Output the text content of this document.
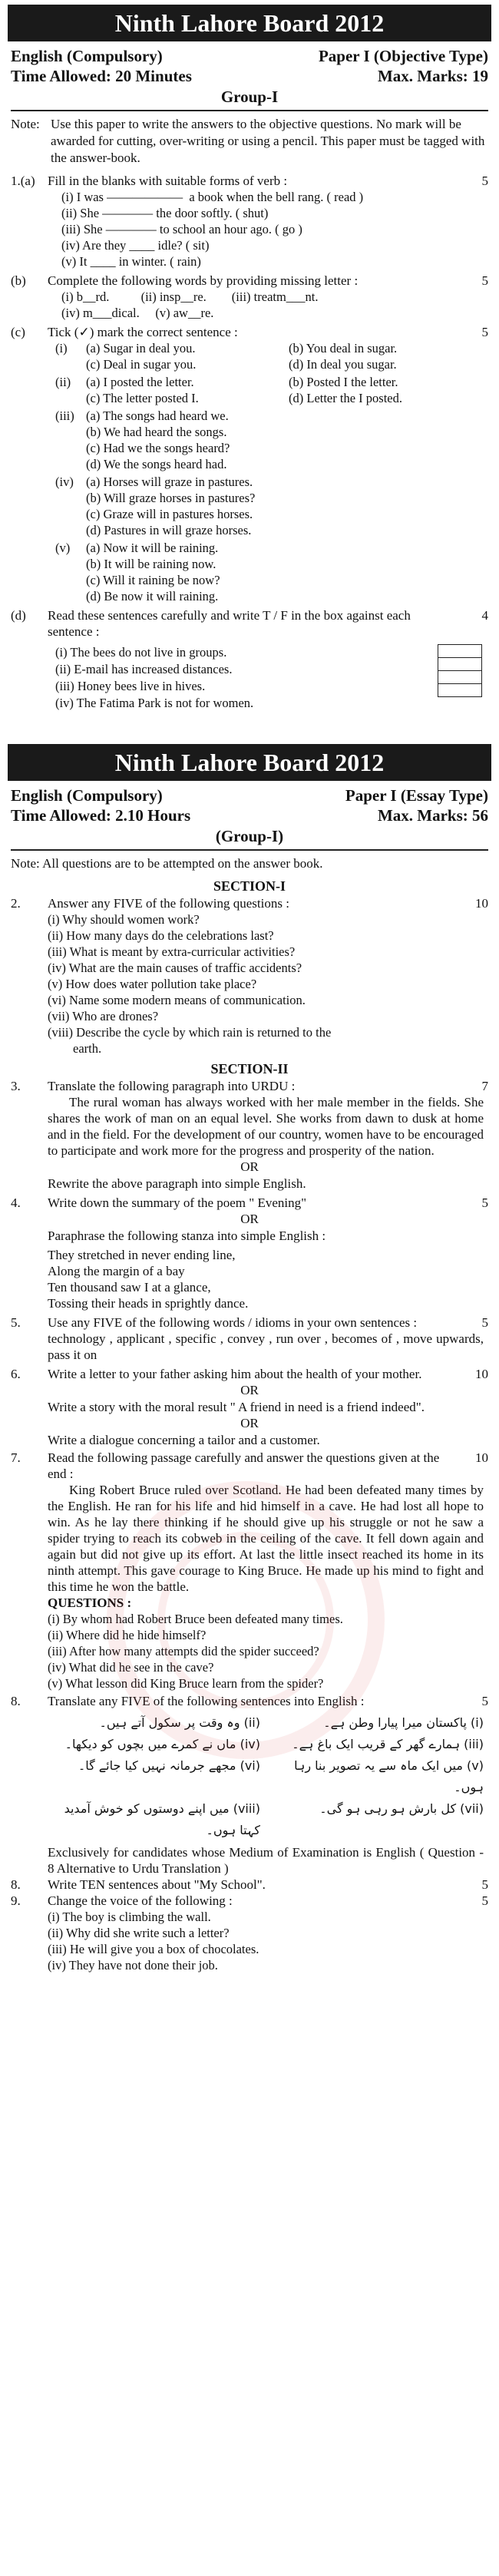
Ninth Lahore Board 2012
English (Compulsory)	Paper I (Objective Type)
Time Allowed: 20 Minutes	Max. Marks: 19
Group-I
Note: Use this paper to write the answers to the objective questions. No mark will be awarded for cutting, over-writing or using a pencil. This paper must be tagged with the answer-book.
1.(a) Fill in the blanks with suitable forms of verb :	5
(i) I was ——————  a book when the bell rang. ( read )
(ii) She ———— the door softly. ( shut)
(iii) She ———— to school an hour ago. ( go )
(iv) Are they ____ idle? ( sit)
(v) It ____ in winter. ( rain)
(b)	Complete the following words by providing missing letter :	5
(i) b__rd.          (ii) insp__re.        (iii) treatm___nt.
(iv) m___dical.     (v) aw__re.
(c)	Tick (✓) mark the correct sentence :	5
(i)	(a) Sugar in deal you.	(b) You deal in sugar.
(c) Deal in sugar you.	(d) In deal you sugar.
(ii)	(a) I posted the letter.	(b) Posted I the letter.
(c) The letter posted I.	(d) Letter the I posted.
(iii) (a) The songs had heard we.
(b) We had heard the songs.
(c) Had we the songs heard?
(d) We the songs heard had.
(iv) (a) Horses will graze in pastures.
(b) Will graze horses in pastures?
(c) Graze will in pastures horses.
(d) Pastures in will graze horses.
(v)	(a) Now it will be raining.
(b) It will be raining now.
(c) Will it raining be now?
(d) Be now it will raining.
(d)	Read these sentences carefully and write T / F in the box against each sentence :
4
(i) The bees do not live in groups.
(ii) E-mail has increased distances.
(iii) Honey bees live in hives.
(iv) The Fatima Park is not for women.
Ninth Lahore Board 2012
English (Compulsory)	Paper I (Essay Type)
Time Allowed: 2.10 Hours	Max. Marks: 56
(Group-I)
Note: All questions are to be attempted on the answer book.
SECTION-I
2.	Answer any FIVE of the following questions :	10
(i) Why should women work?
(ii) How many days do the celebrations last?
(iii) What is meant by extra-curricular activities?
(iv) What are the main causes of traffic accidents?
(v) How does water pollution take place?
(vi) Name some modern means of communication.
(vii) Who are drones?
(viii) Describe the cycle by which rain is returned to the
earth.
SECTION-II
3.	Translate the following paragraph into URDU :	7
The rural woman has always worked with her male member in the fields. She shares the work of man on an equal level. She works from dawn to dusk at home and in the field. For the development of our country, women have to be encouraged to participate and work more for the progress and prosperity of the nation.
OR
Rewrite the above paragraph into simple English.
4.	Write down the summary of the poem " Evening"	5
OR
Paraphrase the following stanza into simple English :
They stretched in never ending line,
Along the margin of a bay
Ten thousand saw I at a glance,
Tossing their heads in sprightly dance.
5.	Use any FIVE of the following words / idioms in your own sentences :	5
technology , applicant , specific , convey , run over , becomes of , move upwards, pass it on
6.	Write a letter to your father asking him about the health of your mother.	10
OR
Write a story with the moral result " A friend in need is a friend indeed".
OR
Write a dialogue concerning a tailor and a customer.
7.	Read the following passage carefully and answer the questions given at the end :
10
King Robert Bruce ruled over Scotland. He had been defeated many times by the English. He ran for his life and hid himself in a cave. He had lost all hope to win. As he lay there thinking if he should give up his struggle or not he saw a spider trying to reach its cobweb in the ceiling of the cave. It fell down again and again but did not give up its effort. At last the little insect reached its home in its ninth attempt. This gave courage to King Bruce. He made up his mind to fight and this time he won the battle.
QUESTIONS :
(i) By whom had Robert Bruce been defeated many times.
(ii) Where did he hide himself?
(iii) After how many attempts did the spider succeed?
(iv) What did he see in the cave?
(v) What lesson did King Bruce learn from the spider?
8.	Translate any FIVE of the following sentences into English :	5
(i) پاکستان میرا پیارا وطن ہے۔
(ii) وہ وقت پر سکول آتے ہیں۔
(iii) ہمارے گھر کے قریب ایک باغ ہے۔
(iv) ماں نے کمرے میں بچوں کو دیکھا۔
(v) میں ایک ماہ سے یہ تصویر بنا رہا ہوں۔
(vi) مجھے جرمانہ نہیں کیا جائے گا۔
(vii) کل بارش ہو رہی ہو گی۔
(viii) میں اپنے دوستوں کو خوش آمدید کہتا ہوں۔
Exclusively for candidates whose Medium of Examination is English ( Question - 8 Alternative to Urdu Translation )
8.	Write TEN sentences about "My School".	5
9.	Change the voice of the following :	5
(i) The boy is climbing the wall.
(ii) Why did she write such a letter?
(iii) He will give you a box of chocolates.
(iv) They have not done their job.
